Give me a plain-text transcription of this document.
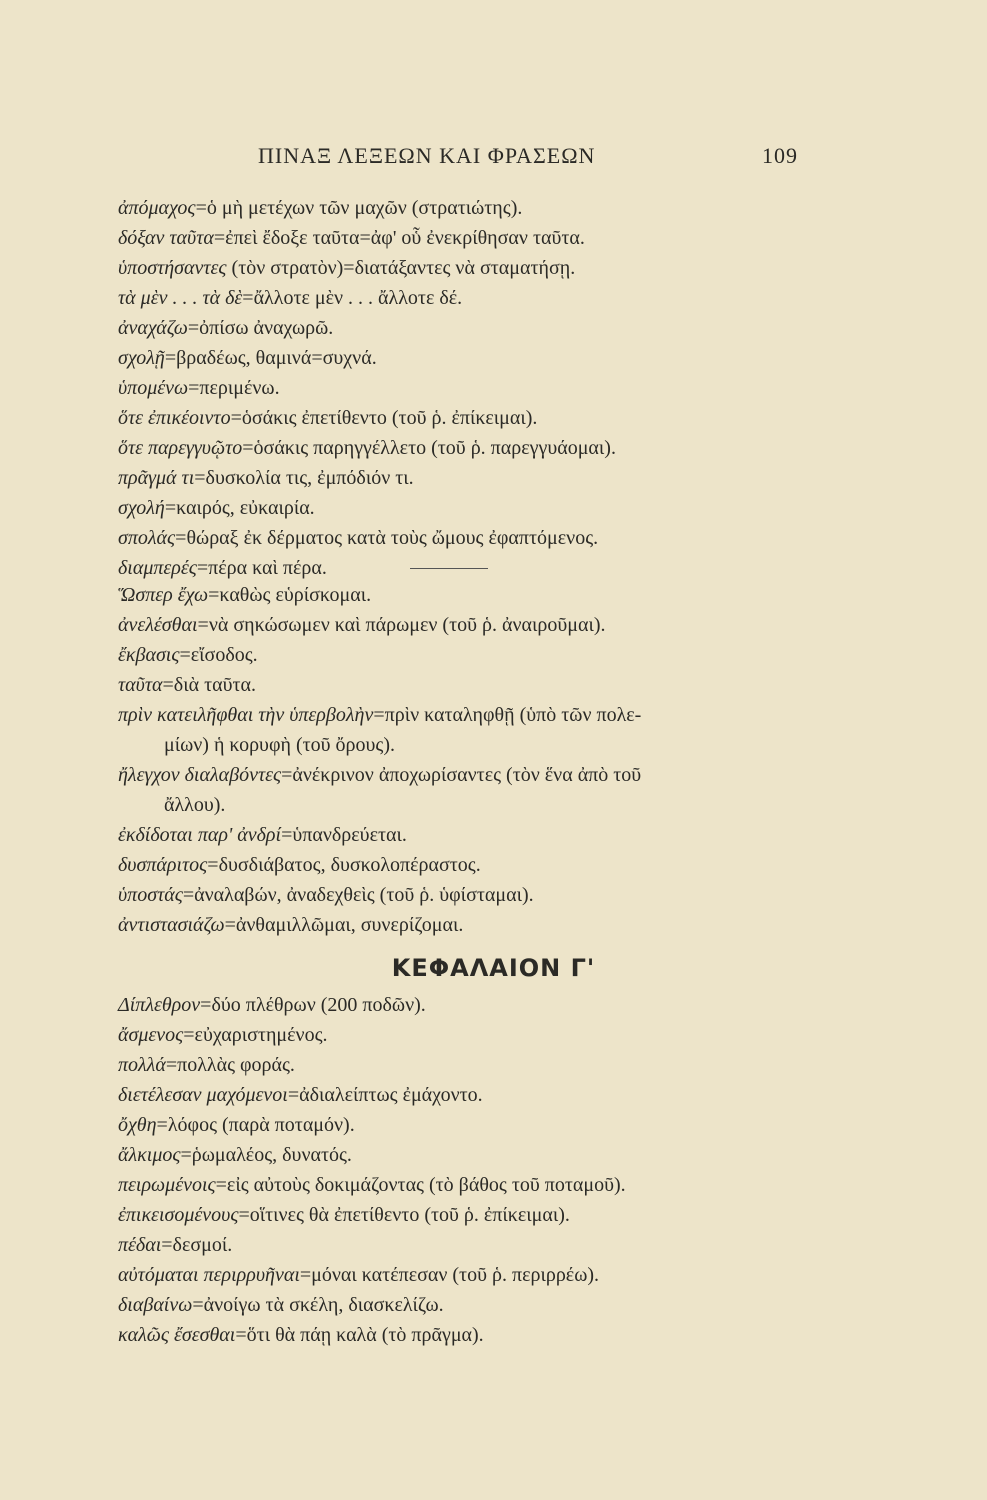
ΠΙΝΑΞ ΛΕΞΕΩΝ ΚΑΙ ΦΡΑΣΕΩΝ	109
ἀπόμαχος=ὁ μὴ μετέχων τῶν μαχῶν (στρατιώτης).
δόξαν ταῦτα=ἐπεὶ ἔδοξε ταῦτα=ἀφ' οὗ ἐνεκρίθησαν ταῦτα.
ὑποστήσαντες (τὸν στρατὸν)=διατάξαντες νὰ σταματήσῃ.
τὰ μὲν . . . τὰ δὲ=ἄλλοτε μὲν . . . ἄλλοτε δέ.
ἀναχάζω=ὀπίσω ἀναχωρῶ.
σχολῇ=βραδέως, θαμινά=συχνά.
ὑπομένω=περιμένω.
ὅτε ἐπικέοιντο=ὁσάκις ἐπετίθεντο (τοῦ ῥ. ἐπίκειμαι).
ὅτε παρεγγυῷτο=ὁσάκις παρηγγέλλετο (τοῦ ῥ. παρεγγυάομαι).
πρᾶγμά τι=δυσκολία τις, ἐμπόδιόν τι.
σχολή=καιρός, εὐκαιρία.
σπολάς=θώραξ ἐκ δέρματος κατὰ τοὺς ὤμους ἐφαπτόμενος.
διαμπερές=πέρα καὶ πέρα.
Ὥσπερ ἔχω=καθὼς εὑρίσκομαι.
ἀνελέσθαι=νὰ σηκώσωμεν καὶ πάρωμεν (τοῦ ῥ. ἀναιροῦμαι).
ἔκβασις=εἴσοδος.
ταῦτα=διὰ ταῦτα.
πρὶν κατειλῆφθαι τὴν ὑπερβολὴν=πρὶν καταληφθῇ (ὑπὸ τῶν πολε-
μίων) ἡ κορυφὴ (τοῦ ὄρους).
ἤλεγχον διαλαβόντες=ἀνέκρινον ἀποχωρίσαντες (τὸν ἕνα ἀπὸ τοῦ
ἄλλου).
ἐκδίδοται παρ' ἀνδρί=ὑπανδρεύεται.
δυσπάριτος=δυσδιάβατος, δυσκολοπέραστος.
ὑποστάς=ἀναλαβών, ἀναδεχθεὶς (τοῦ ῥ. ὑφίσταμαι).
ἀντιστασιάζω=ἀνθαμιλλῶμαι, συνερίζομαι.
ΚΕΦΑΛΑΙΟΝ Γ'
Δίπλεθρον=δύο πλέθρων (200 ποδῶν).
ἄσμενος=εὐχαριστημένος.
πολλά=πολλὰς φοράς.
διετέλεσαν μαχόμενοι=ἀδιαλείπτως ἐμάχοντο.
ὄχθη=λόφος (παρὰ ποταμόν).
ἄλκιμος=ῥωμαλέος, δυνατός.
πειρωμένοις=εἰς αὐτοὺς δοκιμάζοντας (τὸ βάθος τοῦ ποταμοῦ).
ἐπικεισομένους=οἵτινες θὰ ἐπετίθεντο (τοῦ ῥ. ἐπίκειμαι).
πέδαι=δεσμοί.
αὐτόμαται περιρρυῆναι=μόναι κατέπεσαν (τοῦ ῥ. περιρρέω).
διαβαίνω=ἀνοίγω τὰ σκέλη, διασκελίζω.
καλῶς ἔσεσθαι=ὅτι θὰ πάῃ καλὰ (τὸ πρᾶγμα).
